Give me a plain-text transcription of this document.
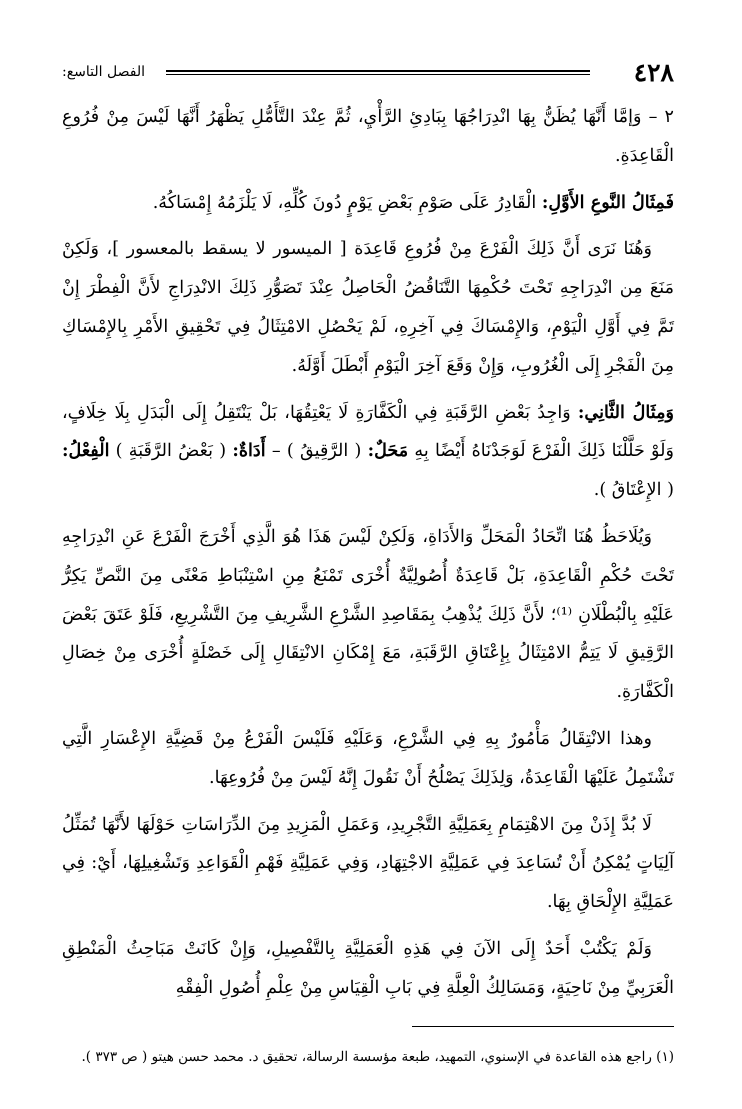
٤٢٨
الفصل التاسع:

٢ – وَإمَّا أَنَّهَا يُظَنُّ بِهَا انْدِرَاجُهَا بِبَادِئِ الرَّأْيِ، ثُمَّ عِنْدَ التَّأَمُّلِ يَظْهَرُ أَنَّهَا لَيْسَ مِنْ فُرُوعِ الْقَاعِدَةِ.

فَمِثَالُ النَّوعِ الأَوَّلِ: الْقَادِرُ عَلَى صَوْمِ بَعْضِ يَوْمٍ دُونَ كُلِّهِ، لَا يَلْزَمُهُ إِمْسَاكُهُ.

وَهُنَا نَرَى أَنَّ ذَلِكَ الْفَرْعَ مِنْ فُرُوعِ قَاعِدَة [ الميسور لا يسقط بالمعسور ]، وَلَكِنْ مَنَعَ مِن انْدِرَاجِهِ تَحْتَ حُكْمِهَا التَّنَاقُضُ الْحَاصِلُ عِنْدَ تَصَوُّرِ ذَلِكَ الانْدِرَاجِ لأَنَّ الْفِطْرَ إِنْ تَمَّ فِي أَوَّلِ الْيَوْمِ، وَالإِمْسَاكَ فِي آخِرِهِ، لَمْ يَحْصُلِ الامْتِثَالُ فِي تَحْقِيقِ الأَمْرِ بِالإِمْسَاكِ مِنَ الْفَجْرِ إِلَى الْغُرُوبِ، وَإِنْ وَقَعَ آخِرَ الْيَوْمِ أَبْطَلَ أَوَّلَهُ.

وَمِثَالُ الثَّانِي: وَاجِدُ بَعْضِ الرَّقَبَةِ فِي الْكَفَّارَةِ لَا يَعْتِقُهَا، بَلْ يَنْتَقِلُ إِلَى الْبَدَلِ بِلَا خِلَافٍ، وَلَوْ حَلَّلْنَا ذَلِكَ الْفَرْعَ لَوَجَدْنَاهُ أَيْضًا بِهِ مَحَلٌ: ( الرَّقِيقُ ) – أَدَاةٌ: ( بَعْضُ الرَّقَبَةِ ) الْفِعْلُ: ( الإِعْتَاقُ ).

وَيُلَاحَظُ هُنَا اتِّحَادُ الْمَحَلِّ وَالأَدَاةِ، وَلَكِنْ لَيْسَ هَذَا هُوَ الَّذِي أَخْرَجَ الْفَرْعَ عَنِ انْدِرَاجِهِ تَحْتَ حُكْمِ الْقَاعِدَةِ، بَلْ قَاعِدَةٌ أُصُولِيَّةٌ أُخْرَى تَمْنَعُ مِنِ اسْتِنْبَاطِ مَعْنًى مِنَ النَّصِّ يَكِرُّ عَلَيْهِ بِالْبُطْلَانِ ⁽¹⁾؛ لأَنَّ ذَلِكَ يُذْهِبُ بِمَقَاصِدِ الشَّرْعِ الشَّرِيفِ مِنَ التَّشْرِيعِ، فَلَوْ عَتَقَ بَعْضَ الرَّقِيقِ لَا يَتِمُّ الامْتِثَالُ بِإِعْتَاقِ الرَّقَبَةِ، مَعَ إِمْكَانِ الانْتِقَالِ إِلَى خَصْلَةٍ أُخْرَى مِنْ خِصَالِ الْكَفَّارَةِ.

وهذا الانْتِقَالُ مَأْمُورٌ بِهِ فِي الشَّرْعِ، وَعَلَيْهِ فَلَيْسَ الْفَرْعُ مِنْ قَضِيَّةِ الإِعْسَارِ الَّتِي تَشْتَمِلُ عَلَيْهَا الْقَاعِدَةُ، وَلِذَلِكَ يَصْلُحُ أَنْ نَقُولَ إِنَّهُ لَيْسَ مِنْ فُرُوعِهَا.

لَا بُدَّ إِذَنْ مِنَ الاهْتِمَامِ بِعَمَلِيَّةِ التَّجْرِيدِ، وَعَمَلِ الْمَزِيدِ مِنَ الدِّرَاسَاتِ حَوْلَهَا لأَنَّهَا تُمَثِّلُ آلِيَاتٍ يُمْكِنُ أَنْ تُسَاعِدَ فِي عَمَلِيَّةِ الاجْتِهَادِ، وَفِي عَمَلِيَّةِ فَهْمِ الْقَوَاعِدِ وَتَشْغِيلِهَا، أَيْ: فِي عَمَلِيَّةِ الإِلْحَاقِ بِهَا.

وَلَمْ يَكْتُبْ أَحَدٌ إِلَى الآنَ فِي هَذِهِ الْعَمَلِيَّةِ بِالتَّفْصِيلِ، وَإِنْ كَانَتْ مَبَاحِثُ الْمَنْطِقِ الْعَرَبِيِّ مِنْ نَاحِيَةٍ، وَمَسَالِكُ الْعِلَّةِ فِي بَابِ الْقِيَاسِ مِنْ عِلْمِ أُصُولِ الْفِقْهِ

(١) راجع هذه القاعدة في الإسنوي، التمهيد، طبعة مؤسسة الرسالة، تحقيق د. محمد حسن هيتو ( ص ٣٧٣ ).
